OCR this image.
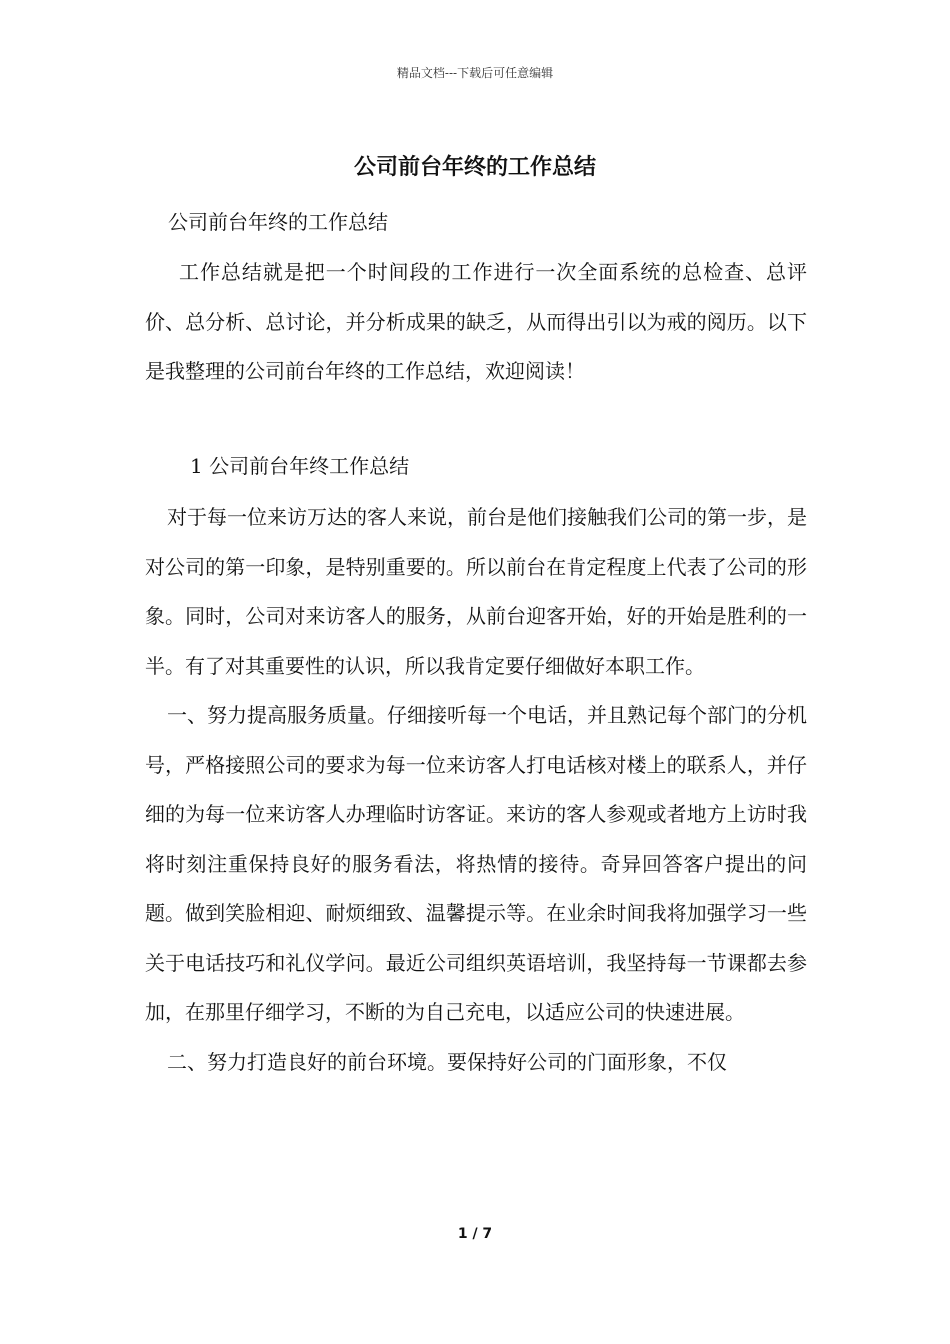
精品文档---下载后可任意编辑
公司前台年终的工作总结
公司前台年终的工作总结

工作总结就是把一个时间段的工作进行一次全面系统的总检查、总评价、总分析、总讨论，并分析成果的缺乏，从而得出引以为戒的阅历。以下是我整理的公司前台年终的工作总结，欢迎阅读！

1 公司前台年终工作总结

对于每一位来访万达的客人来说，前台是他们接触我们公司的第一步，是对公司的第一印象，是特别重要的。所以前台在肯定程度上代表了公司的形象。同时，公司对来访客人的服务，从前台迎客开始，好的开始是胜利的一半。有了对其重要性的认识，所以我肯定要仔细做好本职工作。

一、努力提高服务质量。仔细接听每一个电话，并且熟记每个部门的分机号，严格接照公司的要求为每一位来访客人打电话核对楼上的联系人，并仔细的为每一位来访客人办理临时访客证。来访的客人参观或者地方上访时我将时刻注重保持良好的服务看法，将热情的接待。奇异回答客户提出的问题。做到笑脸相迎、耐烦细致、温馨提示等。在业余时间我将加强学习一些关于电话技巧和礼仪学问。最近公司组织英语培训，我坚持每一节课都去参加，在那里仔细学习，不断的为自己充电，以适应公司的快速进展。

二、努力打造良好的前台环境。要保持好公司的门面形象，不仅

1 / 7
